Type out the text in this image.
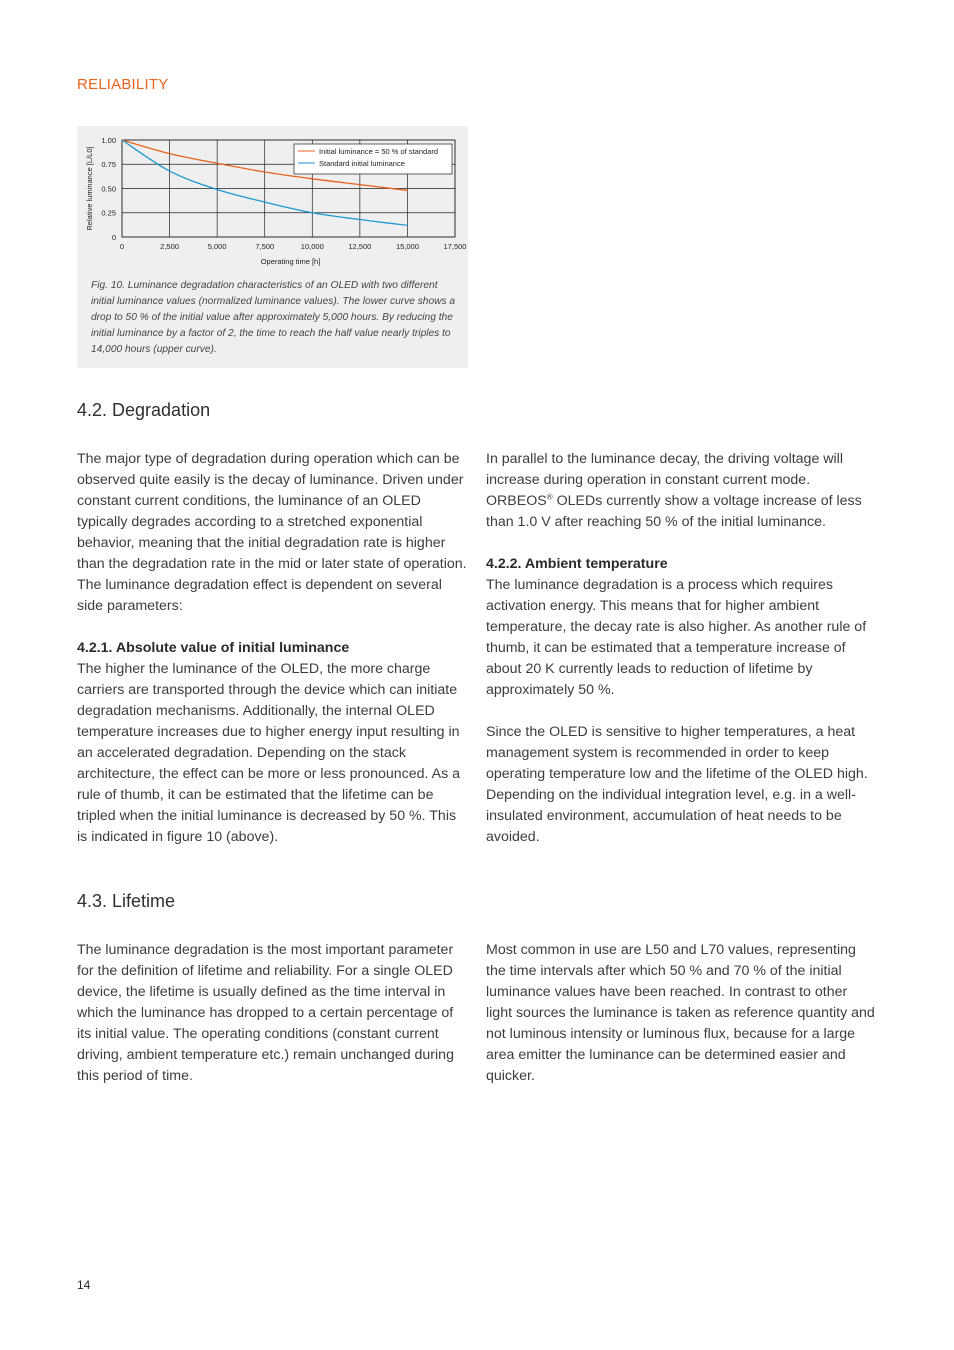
RELIABILITY
0	2,500	5,000	7,500	10,000	12,500	15,000	17,500
0
0.25
0.50
0.75
1.00
Operating time [h]
Relative luminance [L/L0]	Initial luminance = 50 % of standard
Standard initial luminance
Fig. 10. Luminance degradation characteristics of an OLED with two different initial luminance values (normalized luminance values). The lower curve shows a drop to 50 % of the initial value after approximately 5,000 hours. By reducing the initial luminance by a factor of 2, the time to reach the half value nearly triples to 14,000 hours (upper curve).
4.2. Degradation

The major type of degradation during operation which can be observed quite easily is the decay of luminance. Driven under constant current conditions, the luminance of an OLED typically degrades according to a stretched exponential behavior, meaning that the initial degradation rate is higher than the degradation rate in the mid or later state of operation. The luminance degradation effect is dependent on several side parameters:

4.2.1. Absolute value of initial luminance

The higher the luminance of the OLED, the more charge carriers are transported through the device which can initiate degradation mechanisms. Additionally, the internal OLED temperature increases due to higher energy input resulting in an accelerated degradation. Depending on the stack architecture, the effect can be more or less pronounced. As a rule of thumb, it can be estimated that the lifetime can be tripled when the initial luminance is decreased by 50 %. This is indicated in figure 10 (above).

In parallel to the luminance decay, the driving voltage will increase during operation in constant current mode. ORBEOS® OLEDs currently show a voltage increase of less than 1.0 V after reaching 50 % of the initial luminance.

4.2.2. Ambient temperature

The luminance degradation is a process which requires activation energy. This means that for higher ambient temperature, the decay rate is also higher. As another rule of thumb, it can be estimated that a temperature increase of about 20 K currently leads to reduction of lifetime by approximately 50 %.

Since the OLED is sensitive to higher temperatures, a heat management system is recommended in order to keep operating temperature low and the lifetime of the OLED high. Depending on the individual integration level, e.g. in a well-insulated environment, accumulation of heat needs to be avoided.

4.3. Lifetime

The luminance degradation is the most important parameter for the definition of lifetime and reliability. For a single OLED device, the lifetime is usually defined as the time interval in which the luminance has dropped to a certain percentage of its initial value. The operating conditions (constant current driving, ambient temperature etc.) remain unchanged during this period of time.

Most common in use are L50 and L70 values, representing the time intervals after which 50 % and 70 % of the initial luminance values have been reached. In contrast to other light sources the luminance is taken as reference quantity and not luminous intensity or luminous flux, because for a large area emitter the luminance can be determined easier and quicker.

14
